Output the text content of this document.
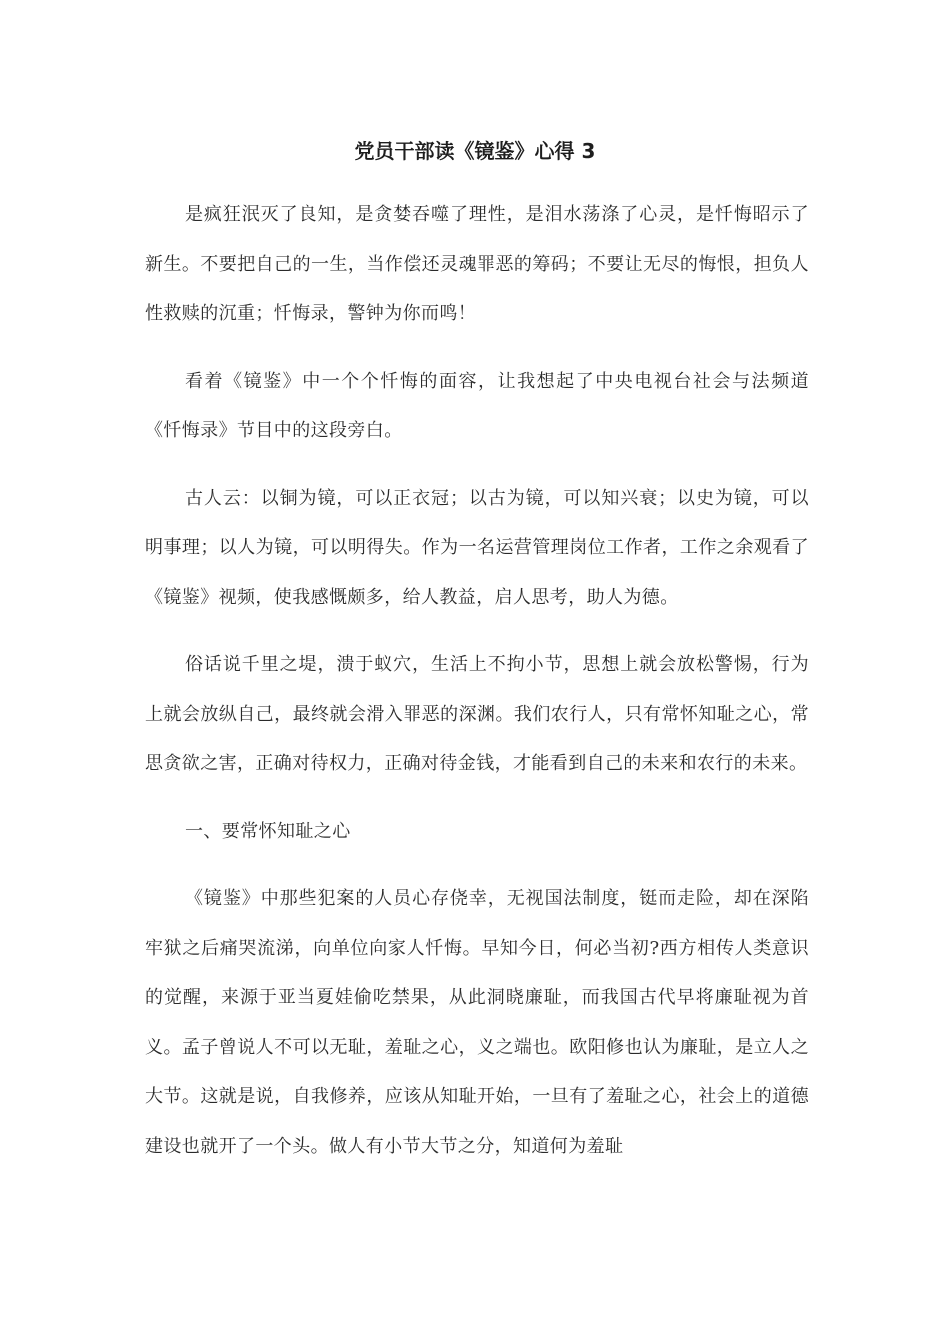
党员干部读《镜鉴》心得 3

是疯狂泯灭了良知，是贪婪吞噬了理性，是泪水荡涤了心灵，是忏悔昭示了新生。不要把自己的一生，当作偿还灵魂罪恶的筹码；不要让无尽的悔恨，担负人性救赎的沉重；忏悔录，警钟为你而鸣！

看着《镜鉴》中一个个忏悔的面容，让我想起了中央电视台社会与法频道《忏悔录》节目中的这段旁白。

古人云：以铜为镜，可以正衣冠；以古为镜，可以知兴衰；以史为镜，可以明事理；以人为镜，可以明得失。作为一名运营管理岗位工作者，工作之余观看了《镜鉴》视频，使我感慨颇多，给人教益，启人思考，助人为德。

俗话说千里之堤，溃于蚁穴，生活上不拘小节，思想上就会放松警惕，行为上就会放纵自己，最终就会滑入罪恶的深渊。我们农行人，只有常怀知耻之心，常思贪欲之害，正确对待权力，正确对待金钱，才能看到自己的未来和农行的未来。

一、要常怀知耻之心

《镜鉴》中那些犯案的人员心存侥幸，无视国法制度，铤而走险，却在深陷牢狱之后痛哭流涕，向单位向家人忏悔。早知今日，何必当初?西方相传人类意识的觉醒，来源于亚当夏娃偷吃禁果，从此洞晓廉耻，而我国古代早将廉耻视为首义。孟子曾说人不可以无耻，羞耻之心，义之端也。欧阳修也认为廉耻，是立人之大节。这就是说，自我修养，应该从知耻开始，一旦有了羞耻之心，社会上的道德建设也就开了一个头。做人有小节大节之分，知道何为羞耻
